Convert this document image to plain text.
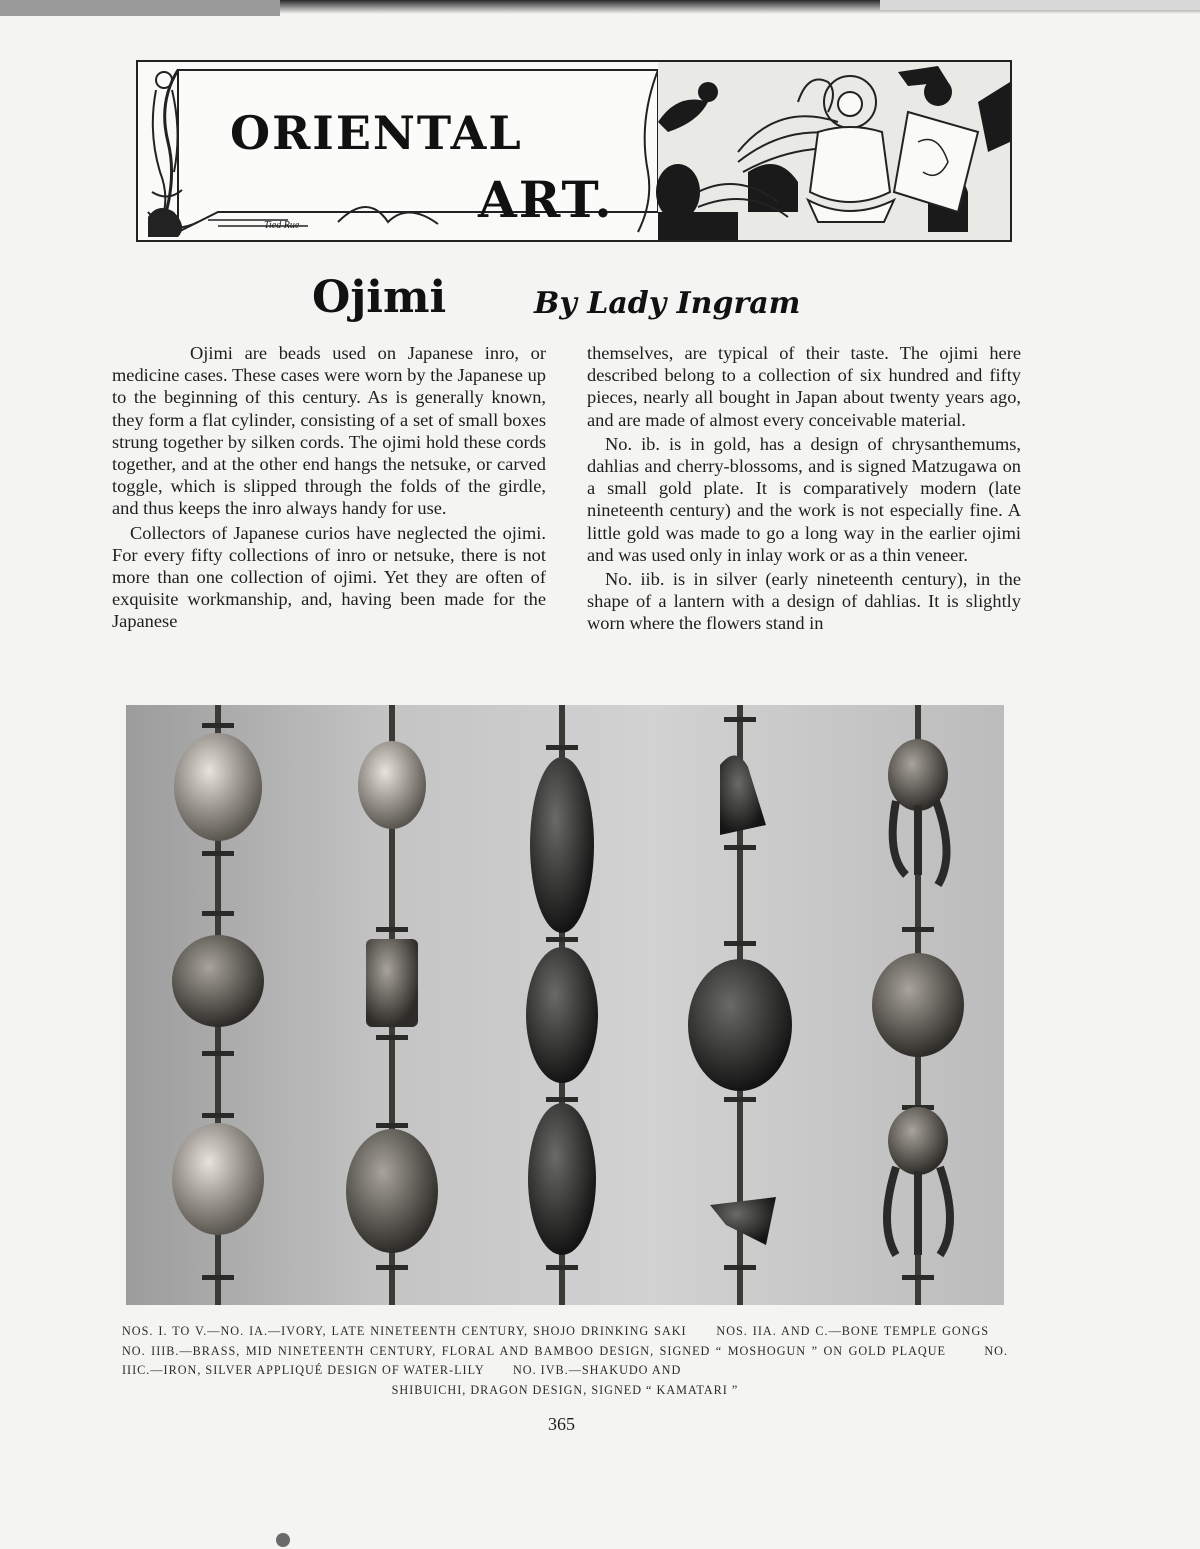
ORIENTAL
ART.
Tied Rue
Ojimi	By Lady Ingram

Ojimi are beads used on Japanese inro, or medicine cases. These cases were worn by the Japanese up to the beginning of this century. As is generally known, they form a flat cylinder, consisting of a set of small boxes strung together by silken cords. The ojimi hold these cords together, and at the other end hangs the netsuke, or carved toggle, which is slipped through the folds of the girdle, and thus keeps the inro always handy for use.

Collectors of Japanese curios have neglected the ojimi. For every fifty collections of inro or netsuke, there is not more than one collection of ojimi. Yet they are often of exquisite workmanship, and, having been made for the Japanese

themselves, are typical of their taste. The ojimi here described belong to a collection of six hundred and fifty pieces, nearly all bought in Japan about twenty years ago, and are made of almost every conceivable material.

No. ib. is in gold, has a design of chrysanthemums, dahlias and cherry-blossoms, and is signed Matzugawa on a small gold plate. It is comparatively modern (late nineteenth century) and the work is not especially fine. A little gold was made to go a long way in the earlier ojimi and was used only in inlay work or as a thin veneer.

No. iib. is in silver (early nineteenth century), in the shape of a lantern with a design of dahlias. It is slightly worn where the flowers stand in

NOS. I. TO V.—NO. IA.—IVORY, LATE NINETEENTH CENTURY, SHOJO DRINKING SAKI NOS. IIA. AND C.—BONE TEMPLE GONGS     NO. IIIB.—BRASS, MID NINETEENTH CENTURY, FLORAL AND BAMBOO DESIGN, SIGNED “ MOSHOGUN ” ON GOLD PLAQUE	NO. IIIC.—IRON, SILVER APPLIQUÉ DESIGN OF WATER-LILY NO. IVB.—SHAKUDO AND
SHIBUICHI, DRAGON DESIGN, SIGNED “ KAMATARI ”
365
